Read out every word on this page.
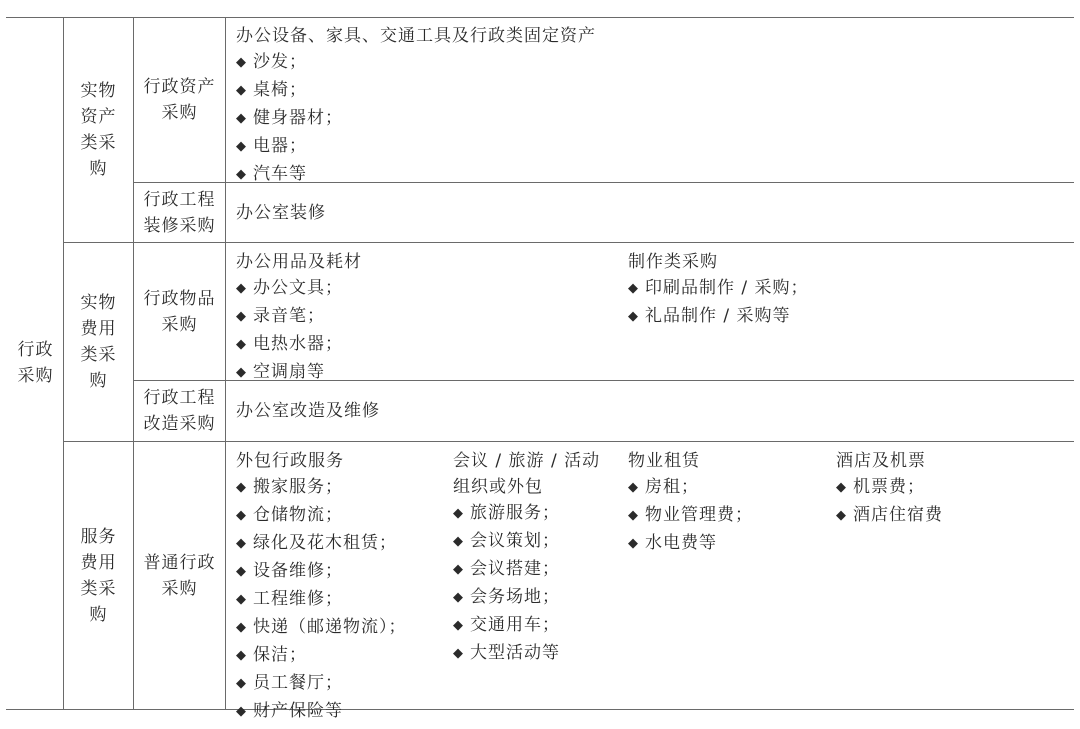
行政采购
实物资产类采购
实物费用类采购
服务费用类采购
行政资产采购
行政工程装修采购
行政物品采购
行政工程改造采购
普通行政采购
办公设备、家具、交通工具及行政类固定资产
◆ 沙发；
◆ 桌椅；
◆ 健身器材；
◆ 电器；
◆ 汽车等
办公室装修
办公用品及耗材
◆ 办公文具；
◆ 录音笔；
◆ 电热水器；
◆ 空调扇等
制作类采购
◆ 印刷品制作 / 采购；
◆ 礼品制作 / 采购等
办公室改造及维修
外包行政服务
◆ 搬家服务；
◆ 仓储物流；
◆ 绿化及花木租赁；
◆ 设备维修；
◆ 工程维修；
◆ 快递（邮递物流）；
◆ 保洁；
◆ 员工餐厅；
◆ 财产保险等
会议 / 旅游 / 活动组织或外包
◆ 旅游服务；
◆ 会议策划；
◆ 会议搭建；
◆ 会务场地；
◆ 交通用车；
◆ 大型活动等
物业租赁
◆ 房租；
◆ 物业管理费；
◆ 水电费等
酒店及机票
◆ 机票费；
◆ 酒店住宿费
